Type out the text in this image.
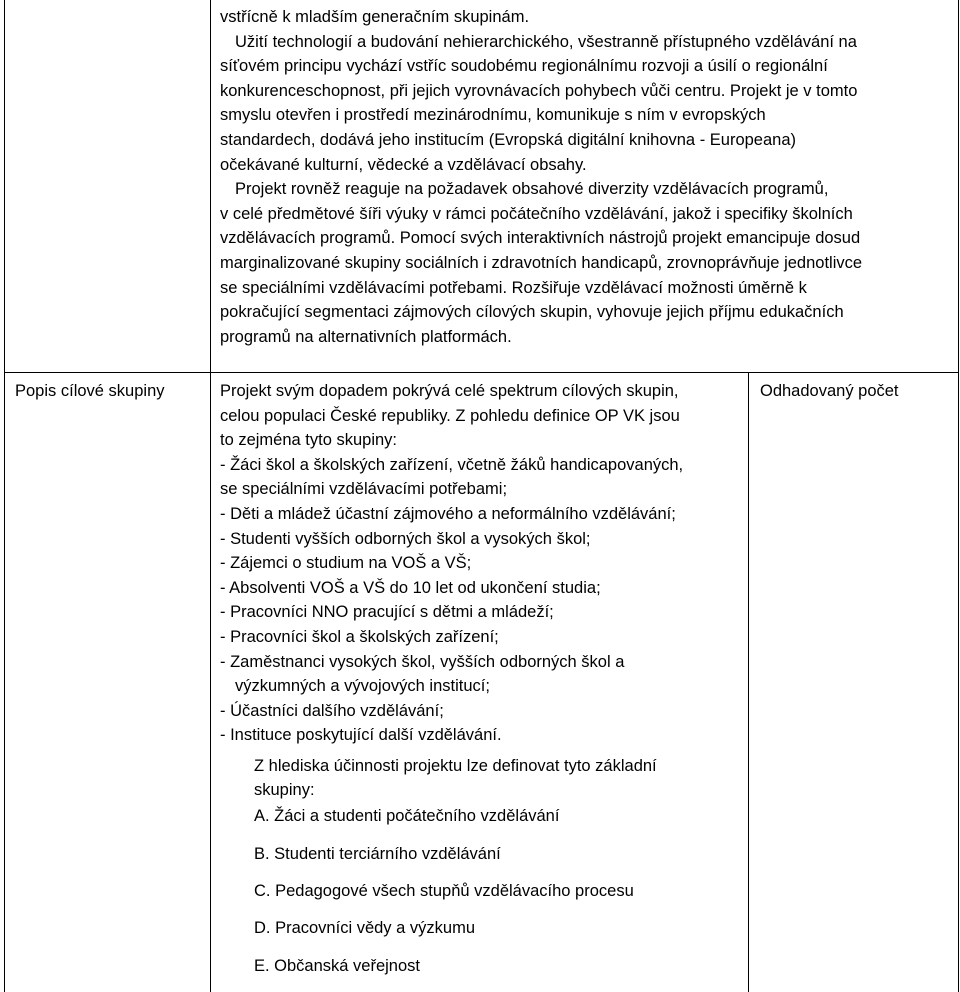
vstřícně k mladším generačním skupinám.
Užití technologií a budování nehierarchického, všestranně přístupného vzdělávání na
síťovém principu vychází vstříc soudobému regionálnímu rozvoji a úsilí o regionální
konkurenceschopnost, při jejich vyrovnávacích pohybech vůči centru. Projekt je v tomto
smyslu otevřen i prostředí mezinárodnímu, komunikuje s ním v evropských
standardech, dodává jeho institucím (Evropská digitální knihovna - Europeana)
očekávané kulturní, vědecké a vzdělávací obsahy.
Projekt rovněž reaguje na požadavek obsahové diverzity vzdělávacích programů,
v celé předmětové šíři výuky v rámci počátečního vzdělávání, jakož i specifiky školních
vzdělávacích programů. Pomocí svých interaktivních nástrojů projekt emancipuje dosud
marginalizované skupiny sociálních i zdravotních handicapů, zrovnoprávňuje jednotlivce
se speciálními vzdělávacími potřebami. Rozšiřuje vzdělávací možnosti úměrně k
pokračující segmentaci zájmových cílových skupin, vyhovuje jejich příjmu edukačních
programů na alternativních platformách.
Popis cílové skupiny	Projekt svým dopadem pokrývá celé spektrum cílových skupin,
celou populaci České republiky. Z pohledu definice OP VK jsou
to zejména tyto skupiny:
- Žáci škol a školských zařízení, včetně žáků handicapovaných,
se speciálními vzdělávacími potřebami;
- Děti a mládež účastní zájmového a neformálního vzdělávání;
- Studenti vyšších odborných škol a vysokých škol;
- Zájemci o studium na VOŠ a VŠ;
- Absolventi VOŠ a VŠ do 10 let od ukončení studia;
- Pracovníci NNO pracující s dětmi a mládeží;
- Pracovníci škol a školských zařízení;
- Zaměstnanci vysokých škol, vyšších odborných škol a
výzkumných a vývojových institucí;
- Účastníci dalšího vzdělávání;
- Instituce poskytující další vzdělávání.
Z hlediska účinnosti projektu lze definovat tyto základní
skupiny:
A. Žáci a studenti počátečního vzdělávání
B. Studenti terciárního vzdělávání
C. Pedagogové všech stupňů vzdělávacího procesu
D. Pracovníci vědy a výzkumu
E. Občanská veřejnost
Odhadovaný počet
